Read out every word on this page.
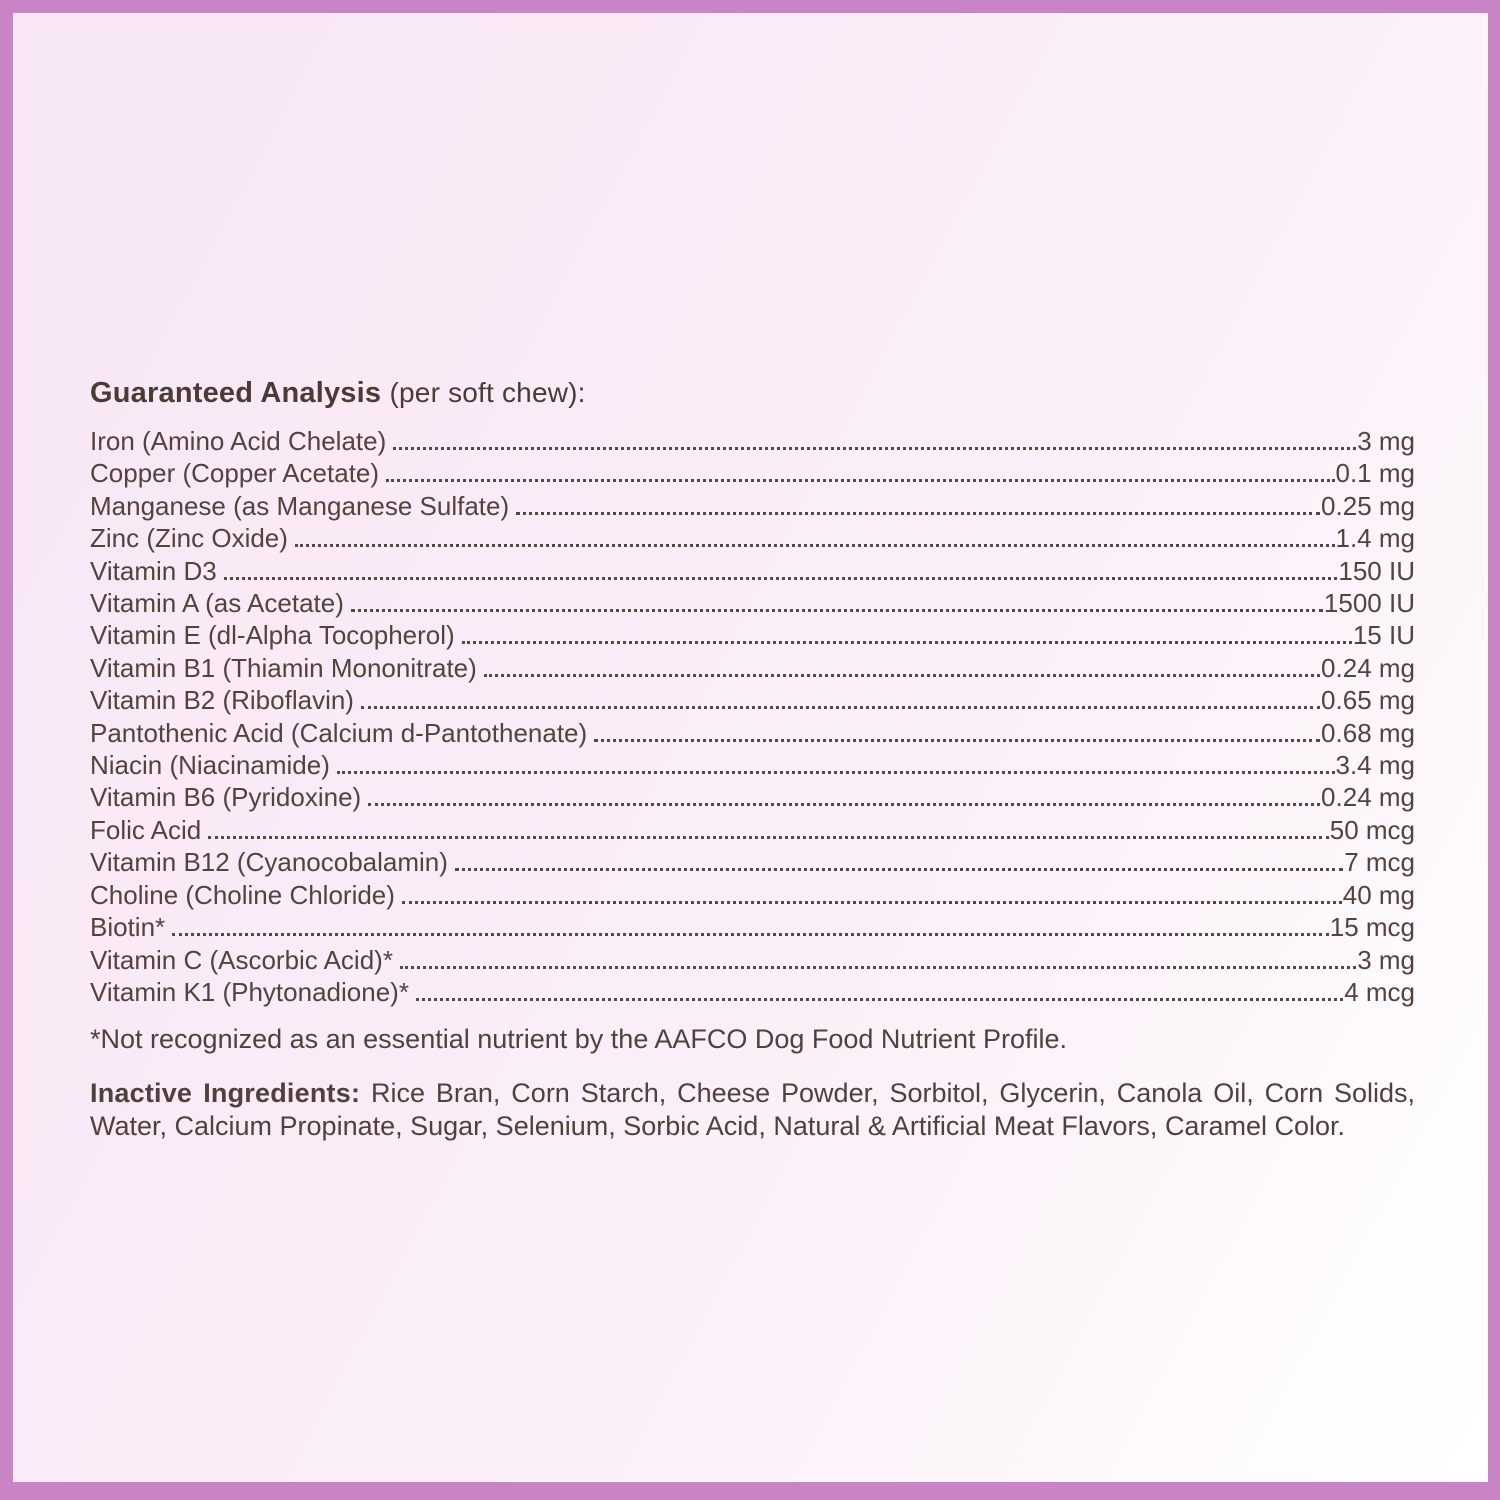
Guaranteed Analysis (per soft chew):

Iron (Amino Acid Chelate)	3 mg
Copper (Copper Acetate)	0.1 mg
Manganese (as Manganese Sulfate)	0.25 mg
Zinc (Zinc Oxide)	1.4 mg
Vitamin D3	150 IU
Vitamin A (as Acetate)	1500 IU
Vitamin E (dl-Alpha Tocopherol)	15 IU
Vitamin B1 (Thiamin Mononitrate)	0.24 mg
Vitamin B2 (Riboflavin)	0.65 mg
Pantothenic Acid (Calcium d-Pantothenate)	0.68 mg
Niacin (Niacinamide)	3.4 mg
Vitamin B6 (Pyridoxine)	0.24 mg
Folic Acid	50 mcg
Vitamin B12 (Cyanocobalamin)	7 mcg
Choline (Choline Chloride)	40 mg
Biotin*	15 mcg
Vitamin C (Ascorbic Acid)*	3 mg
Vitamin K1 (Phytonadione)*	4 mcg

*Not recognized as an essential nutrient by the AAFCO Dog Food Nutrient Profile.

Inactive Ingredients: Rice Bran, Corn Starch, Cheese Powder, Sorbitol, Glycerin, Canola Oil, Corn Solids, Water, Calcium Propinate, Sugar, Selenium, Sorbic Acid, Natural & Artificial Meat Flavors, Caramel Color.
